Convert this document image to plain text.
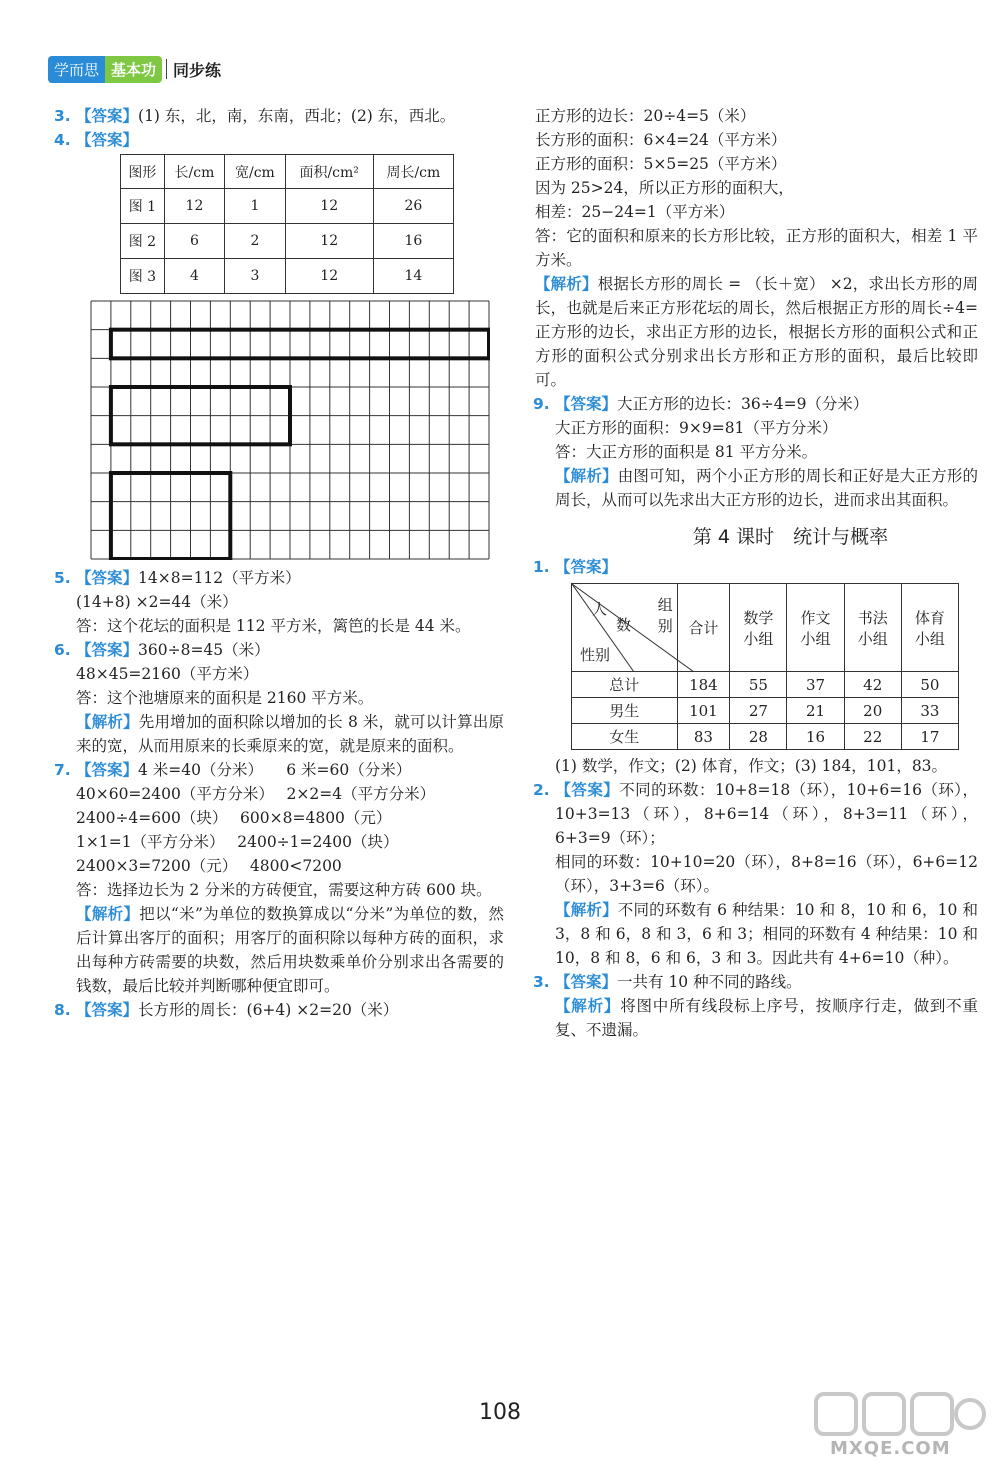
学而思 基本功	同步练
3. 【答案】(1) 东，北，南，东南，西北；(2) 东，西北。
4. 【答案】
图形	长/cm	宽/cm	面积/cm²	周长/cm
图 1	12	1	12	26
图 2	6	2	12	16
图 3	4	3	12	14
5. 【答案】14×8=112（平方米）
(14+8) ×2=44（米）
答：这个花坛的面积是 112 平方米，篱笆的长是 44 米。
6. 【答案】360÷8=45（米）
48×45=2160（平方米）
答：这个池塘原来的面积是 2160 平方米。
【解析】先用增加的面积除以增加的长 8 米，就可以计算出原来的宽，从而用原来的长乘原来的宽，就是原来的面积。
7. 【答案】4 米=40（分米）　　6 米=60（分米）
40×60=2400（平方分米）　 2×2=4（平方分米）
2400÷4=600（块）　 600×8=4800（元）
1×1=1（平方分米）　 2400÷1=2400（块）
2400×3=7200（元）　 4800<7200
答：选择边长为 2 分米的方砖便宜，需要这种方砖 600 块。
【解析】把以“米”为单位的数换算成以“分米”为单位的数，然后计算出客厅的面积；用客厅的面积除以每种方砖的面积，求出每种方砖需要的块数，然后用块数乘单价分别求出各需要的钱数，最后比较并判断哪种便宜即可。
8. 【答案】长方形的周长：(6+4) ×2=20（米）
正方形的边长：20÷4=5（米）
长方形的面积：6×4=24（平方米）
正方形的面积：5×5=25（平方米）
因为 25>24，所以正方形的面积大，
相差：25−24=1（平方米）
答：它的面积和原来的长方形比较，正方形的面积大，相差 1 平方米。
【解析】根据长方形的周长 = （长＋宽） ×2，求出长方形的周长，也就是后来正方形花坛的周长，然后根据正方形的周长÷4=正方形的边长，求出正方形的边长，根据长方形的面积公式和正方形的面积公式分别求出长方形和正方形的面积，最后比较即可。
9. 【答案】大正方形的边长：36÷4=9（分米）
大正方形的面积：9×9=81（平方分米）
答：大正方形的面积是 81 平方分米。
【解析】由图可知，两个小正方形的周长和正好是大正方形的周长，从而可以先求出大正方形的边长，进而求出其面积。
第 4 课时　 统计与概率
1. 【答案】
组别
人
数
性别	合计	数学小组	作文小组	书法小组	体育小组
总计	184	55	37	42	50
男生	101	27	21	20	33
女生	83	28	16	22	17
(1) 数学，作文；(2) 体育，作文；(3) 184，101，83。
2. 【答案】不同的环数：10+8=18（环），10+6=16（环），10+3=13（环），8+6=14（环），8+3=11（环），6+3=9（环）；
相同的环数：10+10=20（环），8+8=16（环），6+6=12（环），3+3=6（环）。
【解析】不同的环数有 6 种结果：10 和 8，10 和 6，10 和 3，8 和 6，8 和 3，6 和 3；相同的环数有 4 种结果：10 和 10，8 和 8，6 和 6，3 和 3。因此共有 4+6=10（种）。
3. 【答案】一共有 10 种不同的路线。
【解析】将图中所有线段标上序号，按顺序行走，做到不重复、不遗漏。
108
MXQE.COM
